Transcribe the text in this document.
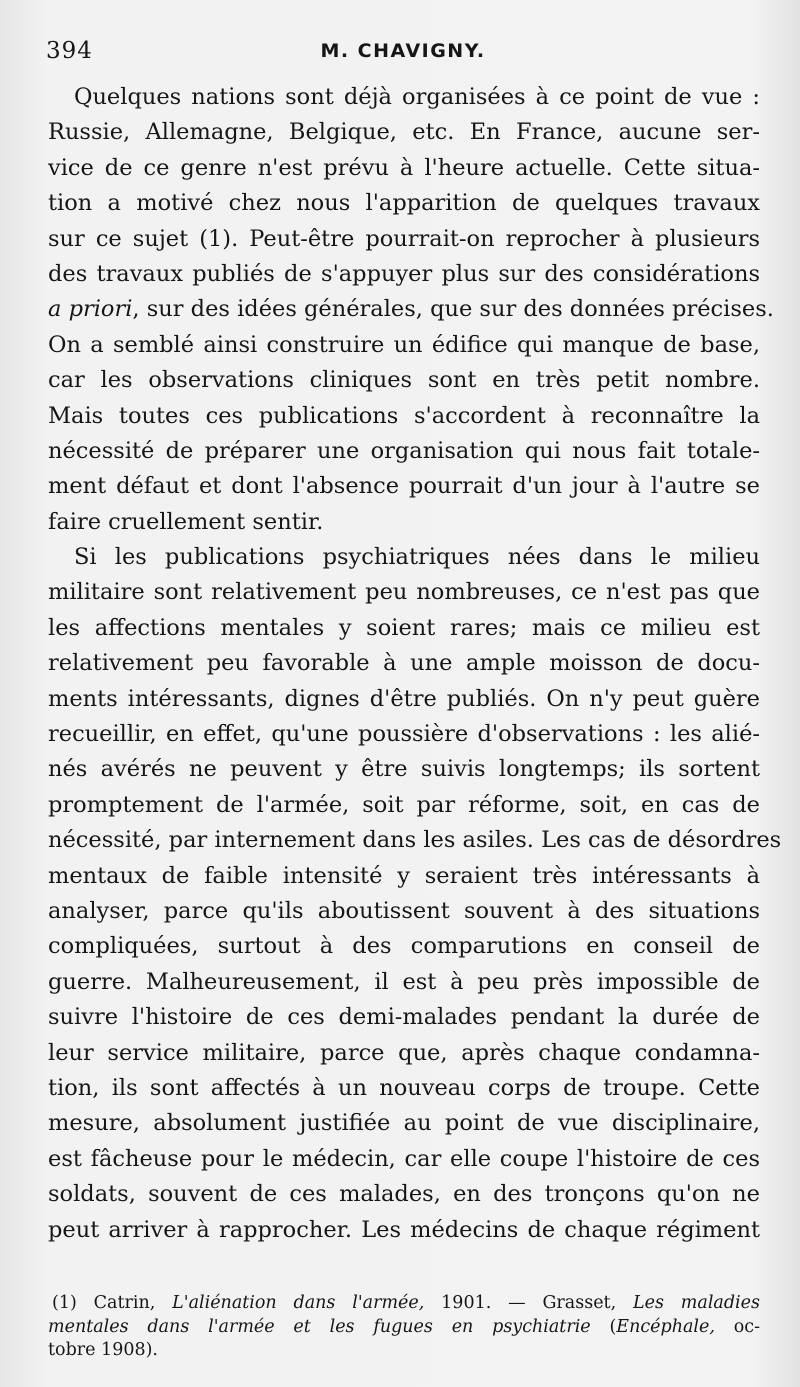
394	M. CHAVIGNY.
Quelques nations sont déjà organisées à ce point de vue :
Russie, Allemagne, Belgique, etc. En France, aucune ser-
vice de ce genre n'est prévu à l'heure actuelle. Cette situa-
tion a motivé chez nous l'apparition de quelques travaux
sur ce sujet (1). Peut-être pourrait-on reprocher à plusieurs
des travaux publiés de s'appuyer plus sur des considérations
a priori, sur des idées générales, que sur des données précises.
On a semblé ainsi construire un édifice qui manque de base,
car les observations cliniques sont en très petit nombre.
Mais toutes ces publications s'accordent à reconnaître la
nécessité de préparer une organisation qui nous fait totale-
ment défaut et dont l'absence pourrait d'un jour à l'autre se
faire cruellement sentir.
Si les publications psychiatriques nées dans le milieu
militaire sont relativement peu nombreuses, ce n'est pas que
les affections mentales y soient rares; mais ce milieu est
relativement peu favorable à une ample moisson de docu-
ments intéressants, dignes d'être publiés. On n'y peut guère
recueillir, en effet, qu'une poussière d'observations : les alié-
nés avérés ne peuvent y être suivis longtemps; ils sortent
promptement de l'armée, soit par réforme, soit, en cas de
nécessité, par internement dans les asiles. Les cas de désordres
mentaux de faible intensité y seraient très intéressants à
analyser, parce qu'ils aboutissent souvent à des situations
compliquées, surtout à des comparutions en conseil de
guerre. Malheureusement, il est à peu près impossible de
suivre l'histoire de ces demi-malades pendant la durée de
leur service militaire, parce que, après chaque condamna-
tion, ils sont affectés à un nouveau corps de troupe. Cette
mesure, absolument justifiée au point de vue disciplinaire,
est fâcheuse pour le médecin, car elle coupe l'histoire de ces
soldats, souvent de ces malades, en des tronçons qu'on ne
peut arriver à rapprocher. Les médecins de chaque régiment
(1) Catrin, L'aliénation dans l'armée, 1901. — Grasset, Les maladies
mentales dans l'armée et les fugues en psychiatrie (Encéphale, oc-
tobre 1908).
